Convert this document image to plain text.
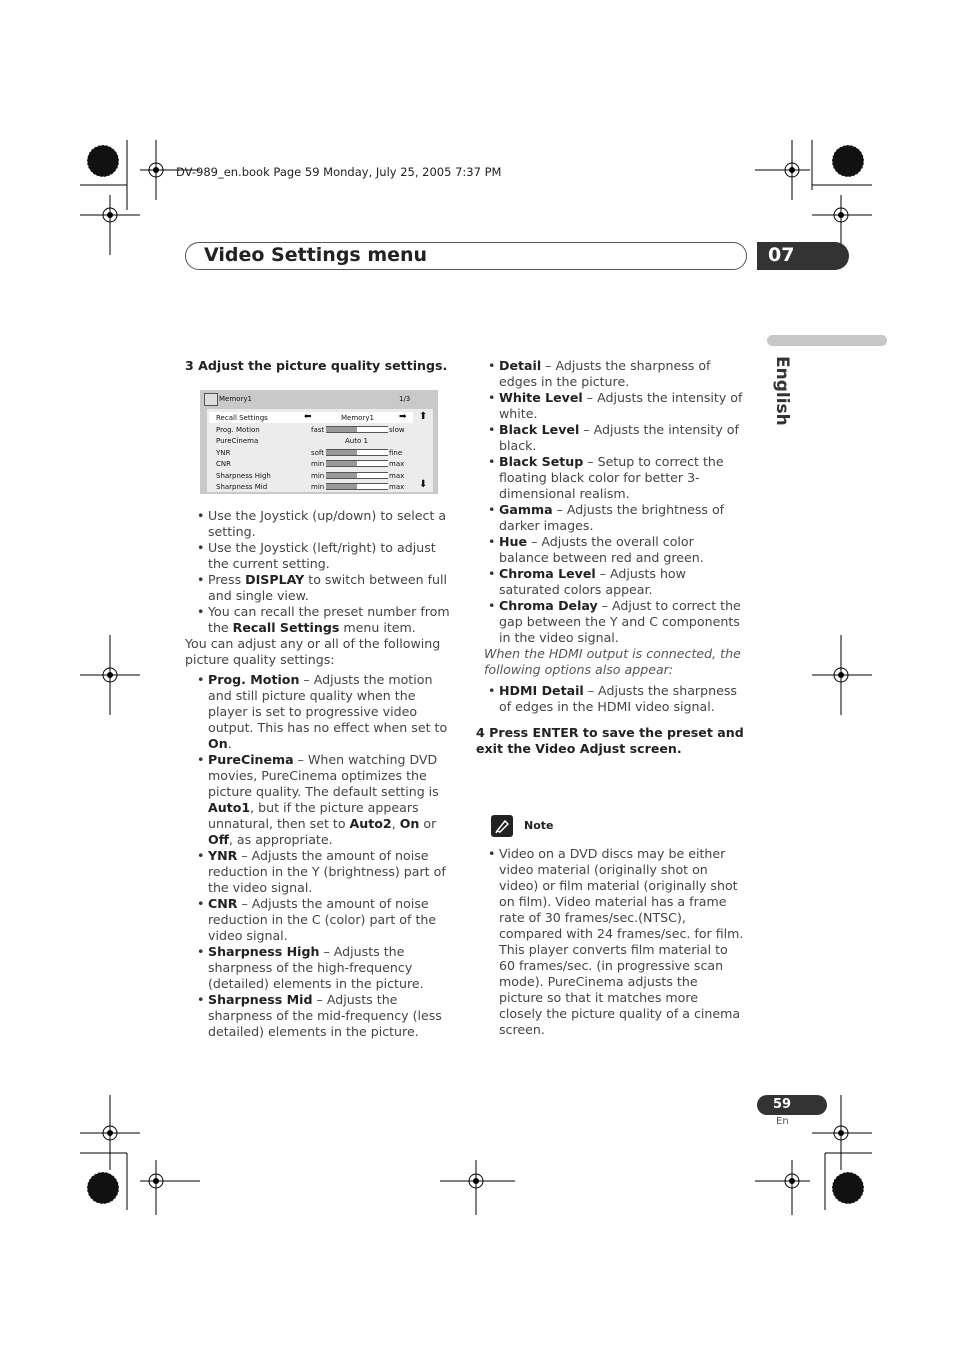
DV-989_en.book Page 59 Monday, July 25, 2005 7:37 PM
Video Settings menu	07
English
3 Adjust the picture quality settings.
Memory1	1/3
Recall Settings	Memory1
⬅	➡ ⬆
Prog. Motion	fast	slow
PureCinema	Auto 1
YNR	soft	fine
CNR	min	max
Sharpness High	min	max
Sharpness Mid	min	max ⬇

• Use the Joystick (up/down) to select a setting.

• Use the Joystick (left/right) to adjust the current setting.

• Press DISPLAY to switch between full and single view.

• You can recall the preset number from the Recall Settings menu item.

You can adjust any or all of the following picture quality settings:

• Prog. Motion – Adjusts the motion and still picture quality when the player is set to progressive video output. This has no effect when set to On.

• PureCinema – When watching DVD movies, PureCinema optimizes the picture quality. The default setting is Auto1, but if the picture appears unnatural, then set to Auto2, On or Off, as appropriate.

• YNR – Adjusts the amount of noise reduction in the Y (brightness) part of the video signal.

• CNR – Adjusts the amount of noise reduction in the C (color) part of the video signal.

• Sharpness High – Adjusts the sharpness of the high-frequency (detailed) elements in the picture.

• Sharpness Mid – Adjusts the sharpness of the mid-frequency (less detailed) elements in the picture.

• Detail – Adjusts the sharpness of edges in the picture.

• White Level – Adjusts the intensity of white.

• Black Level – Adjusts the intensity of black.

• Black Setup – Setup to correct the floating black color for better 3-dimensional realism.

• Gamma – Adjusts the brightness of darker images.

• Hue – Adjusts the overall color balance between red and green.

• Chroma Level – Adjusts how saturated colors appear.

• Chroma Delay – Adjust to correct the gap between the Y and C components in the video signal.

When the HDMI output is connected, the following options also appear:

• HDMI Detail – Adjusts the sharpness of edges in the HDMI video signal.

4 Press ENTER to save the preset and exit the Video Adjust screen.

Note

• Video on a DVD discs may be either video material (originally shot on video) or film material (originally shot on film). Video material has a frame rate of 30 frames/sec.(NTSC), compared with 24 frames/sec. for film. This player converts film material to 60 frames/sec. (in progressive scan mode). PureCinema adjusts the picture so that it matches more closely the picture quality of a cinema screen.

59
En
